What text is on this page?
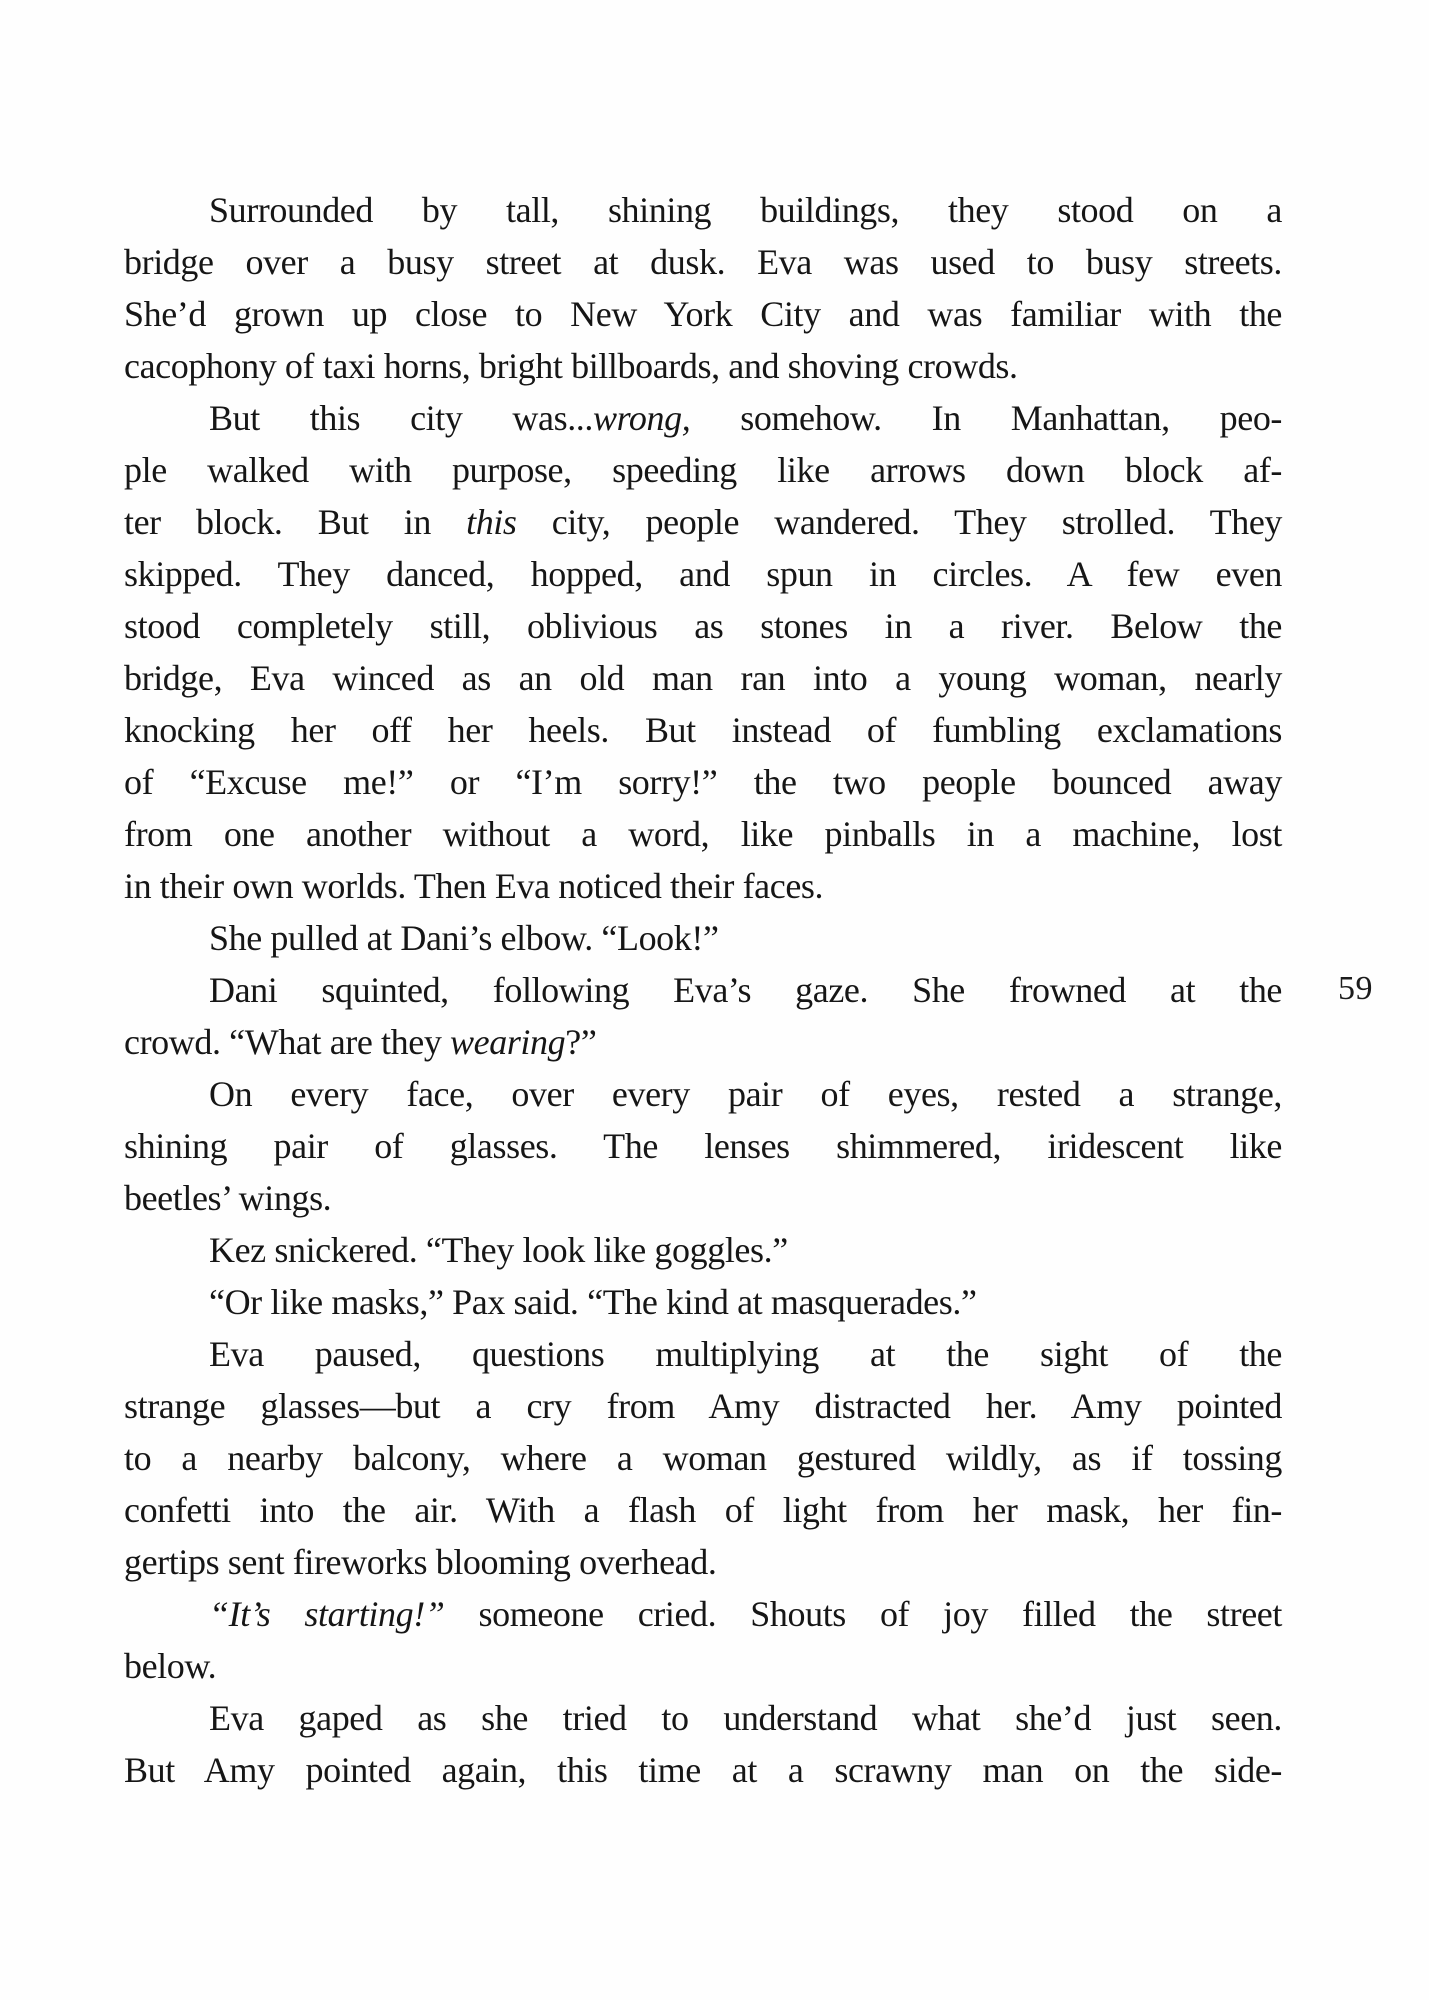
Surrounded by tall, shining buildings, they stood on a
bridge over a busy street at dusk. Eva was used to busy streets.
She’d grown up close to New York City and was familiar with the
cacophony of taxi horns, bright billboards, and shoving crowds.
But this city was...wrong, somehow. In Manhattan, peo-
ple walked with purpose, speeding like arrows down block af-
ter block. But in this city, people wandered. They strolled. They
skipped. They danced, hopped, and spun in circles. A few even
stood completely still, oblivious as stones in a river. Below the
bridge, Eva winced as an old man ran into a young woman, nearly
knocking her off her heels. But instead of fumbling exclamations
of “Excuse me!” or “I’m sorry!” the two people bounced away
from one another without a word, like pinballs in a machine, lost
in their own worlds. Then Eva noticed their faces.
She pulled at Dani’s elbow. “Look!”
Dani squinted, following Eva’s gaze. She frowned at the
crowd. “What are they wearing?”
On every face, over every pair of eyes, rested a strange,
shining pair of glasses. The lenses shimmered, iridescent like
beetles’ wings.
Kez snickered. “They look like goggles.”
“Or like masks,” Pax said. “The kind at masquerades.”
Eva paused, questions multiplying at the sight of the
strange glasses—but a cry from Amy distracted her. Amy pointed
to a nearby balcony, where a woman gestured wildly, as if tossing
confetti into the air. With a flash of light from her mask, her fin-
gertips sent fireworks blooming overhead.
“It’s starting!” someone cried. Shouts of joy filled the street
below.
Eva gaped as she tried to understand what she’d just seen.
But Amy pointed again, this time at a scrawny man on the side-
59
